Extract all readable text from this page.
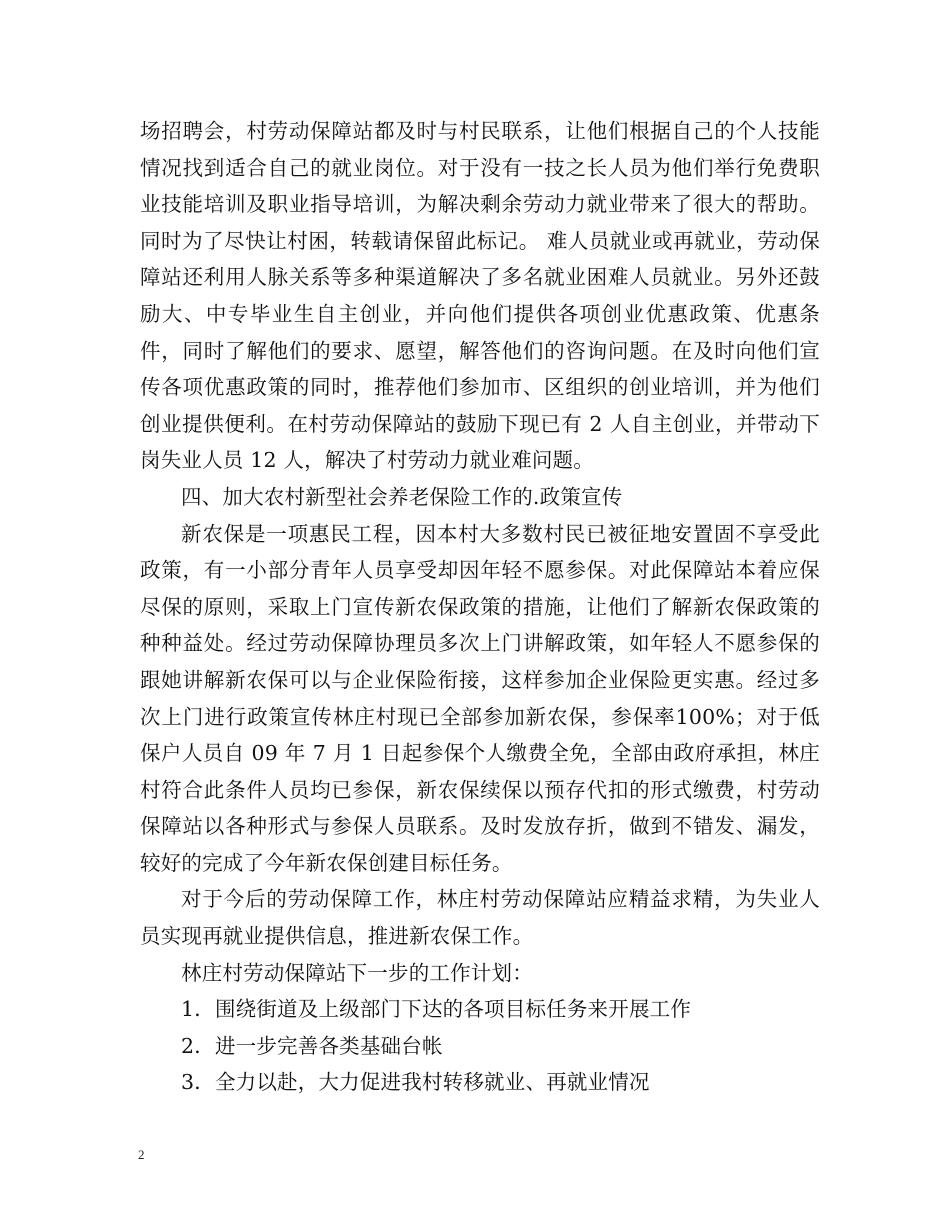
场招聘会，村劳动保障站都及时与村民联系，让他们根据自己的个人技能情况找到适合自己的就业岗位。对于没有一技之长人员为他们举行免费职业技能培训及职业指导培训，为解决剩余劳动力就业带来了很大的帮助。同时为了尽快让村困，转载请保留此标记。 难人员就业或再就业，劳动保障站还利用人脉关系等多种渠道解决了多名就业困难人员就业。另外还鼓励大、中专毕业生自主创业，并向他们提供各项创业优惠政策、优惠条件，同时了解他们的要求、愿望，解答他们的咨询问题。在及时向他们宣传各项优惠政策的同时，推荐他们参加市、区组织的创业培训，并为他们创业提供便利。在村劳动保障站的鼓励下现已有 2 人自主创业，并带动下岗失业人员 12 人，解决了村劳动力就业难问题。

四、加大农村新型社会养老保险工作的.政策宣传

新农保是一项惠民工程，因本村大多数村民已被征地安置固不享受此政策，有一小部分青年人员享受却因年轻不愿参保。对此保障站本着应保尽保的原则，采取上门宣传新农保政策的措施，让他们了解新农保政策的种种益处。经过劳动保障协理员多次上门讲解政策，如年轻人不愿参保的跟她讲解新农保可以与企业保险衔接，这样参加企业保险更实惠。经过多次上门进行政策宣传林庄村现已全部参加新农保，参保率100%；对于低保户人员自 09 年 7 月 1 日起参保个人缴费全免，全部由政府承担，林庄村符合此条件人员均已参保，新农保续保以预存代扣的形式缴费，村劳动保障站以各种形式与参保人员联系。及时发放存折，做到不错发、漏发，较好的完成了今年新农保创建目标任务。

对于今后的劳动保障工作，林庄村劳动保障站应精益求精，为失业人员实现再就业提供信息，推进新农保工作。

林庄村劳动保障站下一步的工作计划：

1．围绕街道及上级部门下达的各项目标任务来开展工作
2．进一步完善各类基础台帐
3．全力以赴，大力促进我村转移就业、再就业情况
2
